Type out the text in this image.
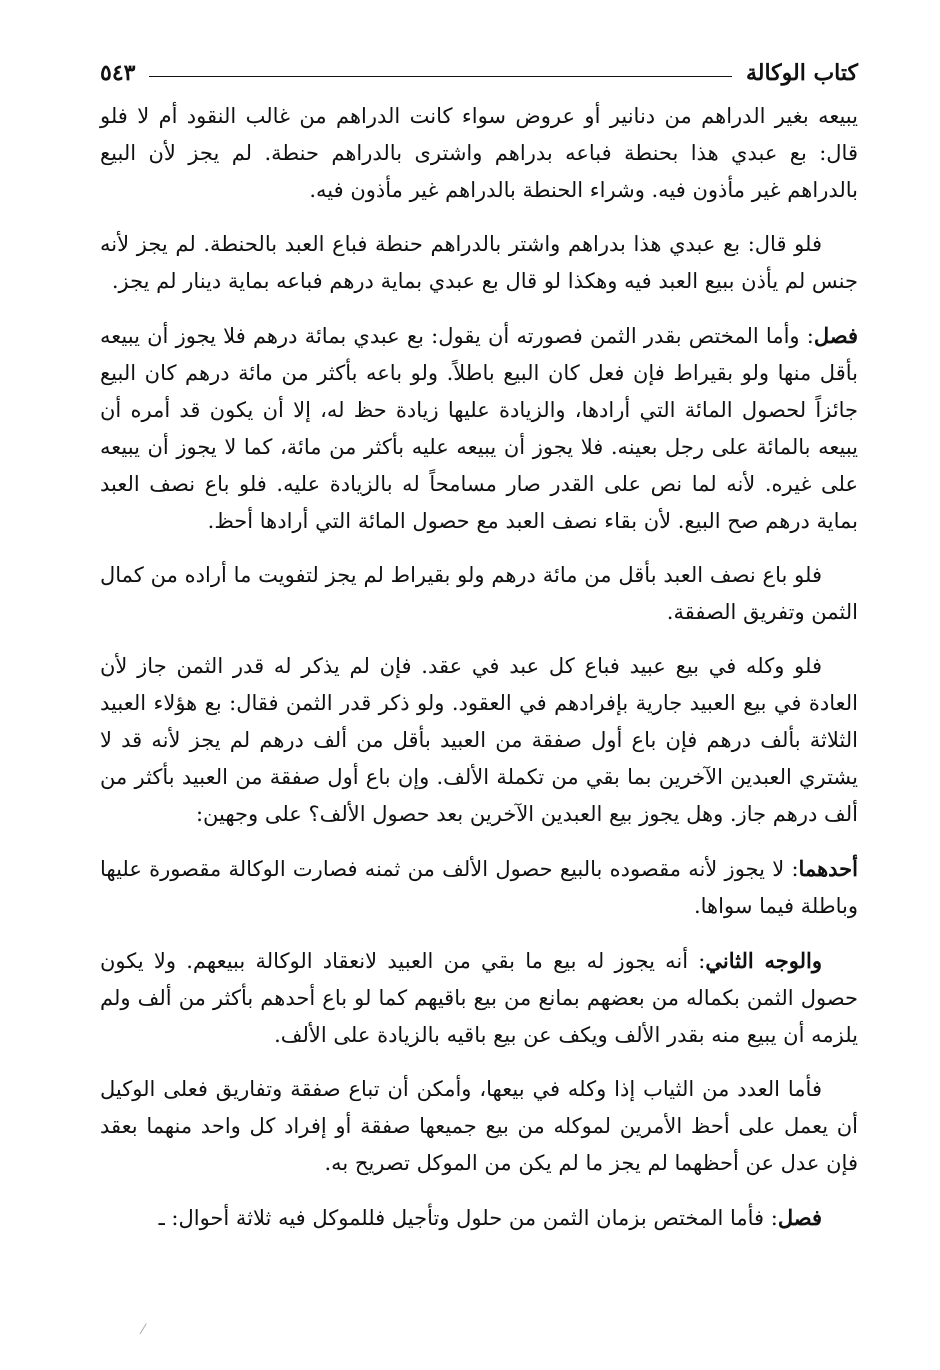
كتاب الوكالة
٥٤٣

يبيعه بغير الدراهم من دنانير أو عروض سواء كانت الدراهم من غالب النقود أم لا فلو قال: بع عبدي هذا بحنطة فباعه بدراهم واشترى بالدراهم حنطة. لم يجز لأن البيع بالدراهم غير مأذون فيه. وشراء الحنطة بالدراهم غير مأذون فيه.

فلو قال: بع عبدي هذا بدراهم واشتر بالدراهم حنطة فباع العبد بالحنطة. لم يجز لأنه جنس لم يأذن ببيع العبد فيه وهكذا لو قال بع عبدي بماية درهم فباعه بماية دينار لم يجز.

فصل: وأما المختص بقدر الثمن فصورته أن يقول: بع عبدي بمائة درهم فلا يجوز أن يبيعه بأقل منها ولو بقيراط فإن فعل كان البيع باطلاً. ولو باعه بأكثر من مائة درهم كان البيع جائزاً لحصول المائة التي أرادها، والزيادة عليها زيادة حظ له، إلا أن يكون قد أمره أن يبيعه بالمائة على رجل بعينه. فلا يجوز أن يبيعه عليه بأكثر من مائة، كما لا يجوز أن يبيعه على غيره. لأنه لما نص على القدر صار مسامحاً له بالزيادة عليه. فلو باع نصف العبد بماية درهم صح البيع. لأن بقاء نصف العبد مع حصول المائة التي أرادها أحظ.

فلو باع نصف العبد بأقل من مائة درهم ولو بقيراط لم يجز لتفويت ما أراده من كمال الثمن وتفريق الصفقة.

فلو وكله في بيع عبيد فباع كل عبد في عقد. فإن لم يذكر له قدر الثمن جاز لأن العادة في بيع العبيد جارية بإفرادهم في العقود. ولو ذكر قدر الثمن فقال: بع هؤلاء العبيد الثلاثة بألف درهم فإن باع أول صفقة من العبيد بأقل من ألف درهم لم يجز لأنه قد لا يشتري العبدين الآخرين بما بقي من تكملة الألف. وإن باع أول صفقة من العبيد بأكثر من ألف درهم جاز. وهل يجوز بيع العبدين الآخرين بعد حصول الألف؟ على وجهين:

أحدهما: لا يجوز لأنه مقصوده بالبيع حصول الألف من ثمنه فصارت الوكالة مقصورة عليها وباطلة فيما سواها.

والوجه الثاني: أنه يجوز له بيع ما بقي من العبيد لانعقاد الوكالة ببيعهم. ولا يكون حصول الثمن بكماله من بعضهم بمانع من بيع باقيهم كما لو باع أحدهم بأكثر من ألف ولم يلزمه أن يبيع منه بقدر الألف ويكف عن بيع باقيه بالزيادة على الألف.

فأما العدد من الثياب إذا وكله في بيعها، وأمكن أن تباع صفقة وتفاريق فعلى الوكيل أن يعمل على أحظ الأمرين لموكله من بيع جميعها صفقة أو إفراد كل واحد منهما بعقد فإن عدل عن أحظهما لم يجز ما لم يكن من الموكل تصريح به.

فصل: فأما المختص بزمان الثمن من حلول وتأجيل فللموكل فيه ثلاثة أحوال: ـ

⁄
